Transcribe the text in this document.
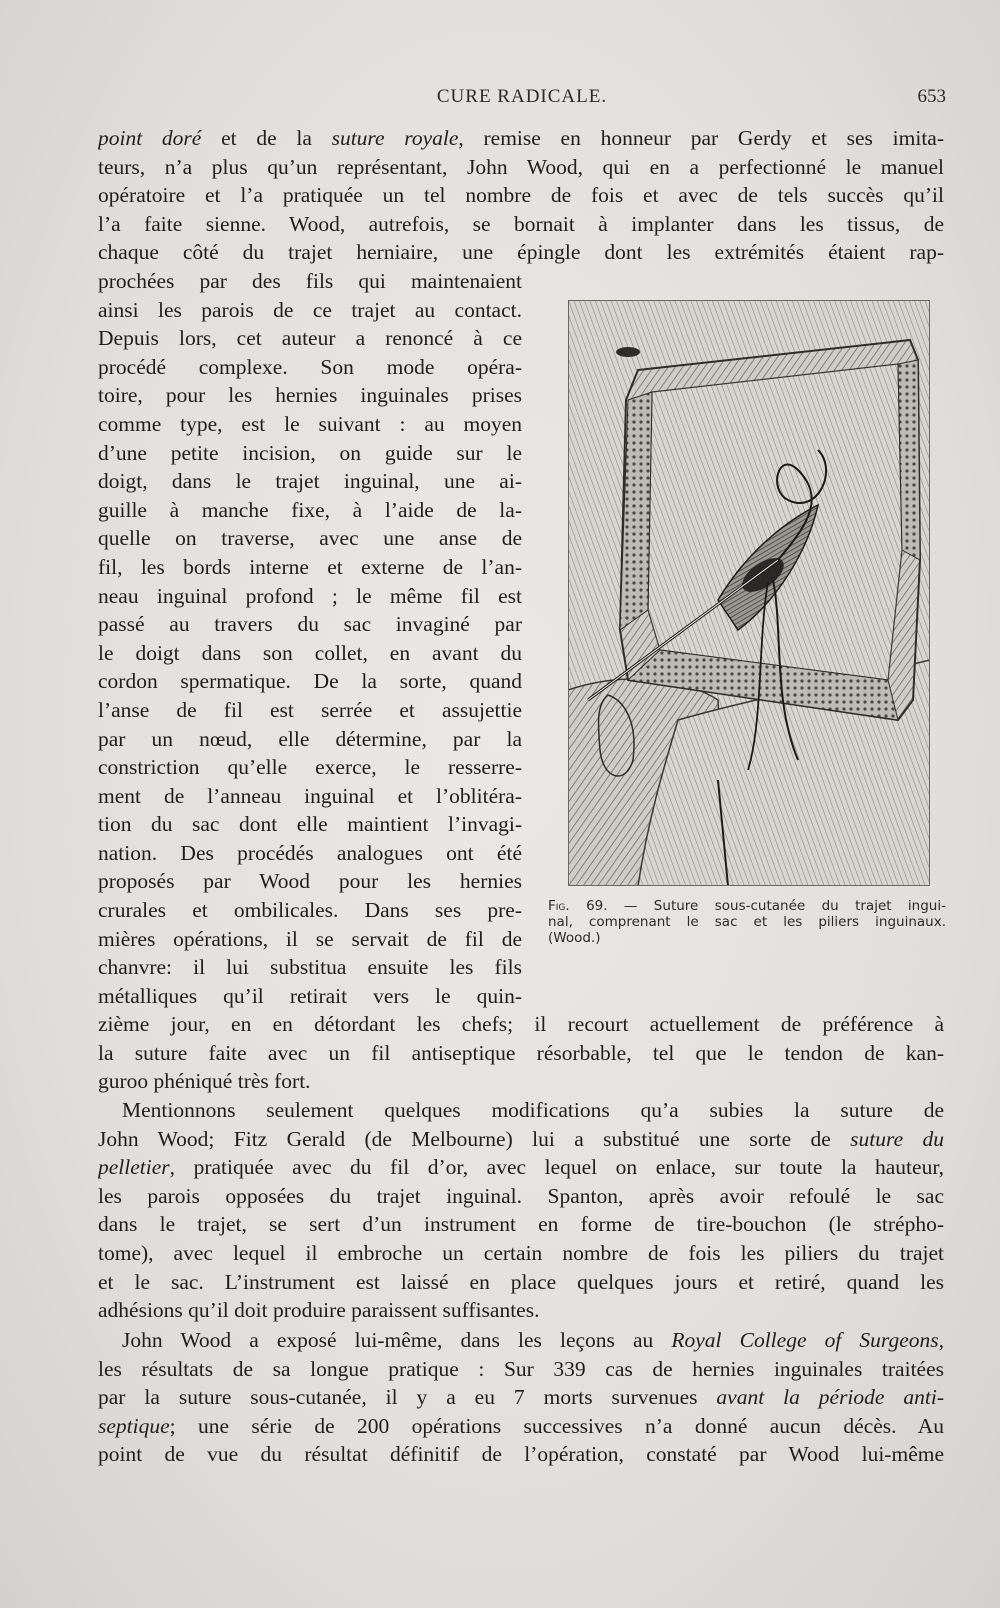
CURE RADICALE.	653
point doré et de la suture royale, remise en honneur par Gerdy et ses imita-
teurs, n’a plus qu’un représentant, John Wood, qui en a perfectionné le manuel
opératoire et l’a pratiquée un tel nombre de fois et avec de tels succès qu’il
l’a faite sienne. Wood, autrefois, se bornait à implanter dans les tissus, de
chaque côté du trajet herniaire, une épingle dont les extrémités étaient rap-
prochées par des fils qui maintenaient
ainsi les parois de ce trajet au contact.
Depuis lors, cet auteur a renoncé à ce
procédé complexe. Son mode opéra-
toire, pour les hernies inguinales prises
comme type, est le suivant : au moyen
d’une petite incision, on guide sur le
doigt, dans le trajet inguinal, une ai-
guille à manche fixe, à l’aide de la-
quelle on traverse, avec une anse de
fil, les bords interne et externe de l’an-
neau inguinal profond ; le même fil est
passé au travers du sac invaginé par
le doigt dans son collet, en avant du
cordon spermatique. De la sorte, quand
l’anse de fil est serrée et assujettie
par un nœud, elle détermine, par la
constriction qu’elle exerce, le resserre-
ment de l’anneau inguinal et l’oblitéra-
tion du sac dont elle maintient l’invagi-
nation. Des procédés analogues ont été
proposés par Wood pour les hernies
crurales et ombilicales. Dans ses pre-
mières opérations, il se servait de fil de
chanvre: il lui substitua ensuite les fils
métalliques qu’il retirait vers le quin-
Fig. 69. — Suture sous-cutanée du trajet ingui-
nal, comprenant le sac et les piliers inguinaux.
(Wood.)
zième jour, en en détordant les chefs; il recourt actuellement de préférence à
la suture faite avec un fil antiseptique résorbable, tel que le tendon de kan-
guroo phéniqué très fort.
Mentionnons seulement quelques modifications qu’a subies la suture de
John Wood; Fitz Gerald (de Melbourne) lui a substitué une sorte de suture du
pelletier, pratiquée avec du fil d’or, avec lequel on enlace, sur toute la hauteur,
les parois opposées du trajet inguinal. Spanton, après avoir refoulé le sac
dans le trajet, se sert d’un instrument en forme de tire-bouchon (le strépho-
tome), avec lequel il embroche un certain nombre de fois les piliers du trajet
et le sac. L’instrument est laissé en place quelques jours et retiré, quand les
adhésions qu’il doit produire paraissent suffisantes.
John Wood a exposé lui-même, dans les leçons au Royal College of Surgeons,
les résultats de sa longue pratique : Sur 339 cas de hernies inguinales traitées
par la suture sous-cutanée, il y a eu 7 morts survenues avant la période anti-
septique; une série de 200 opérations successives n’a donné aucun décès. Au
point de vue du résultat définitif de l’opération, constaté par Wood lui-même
